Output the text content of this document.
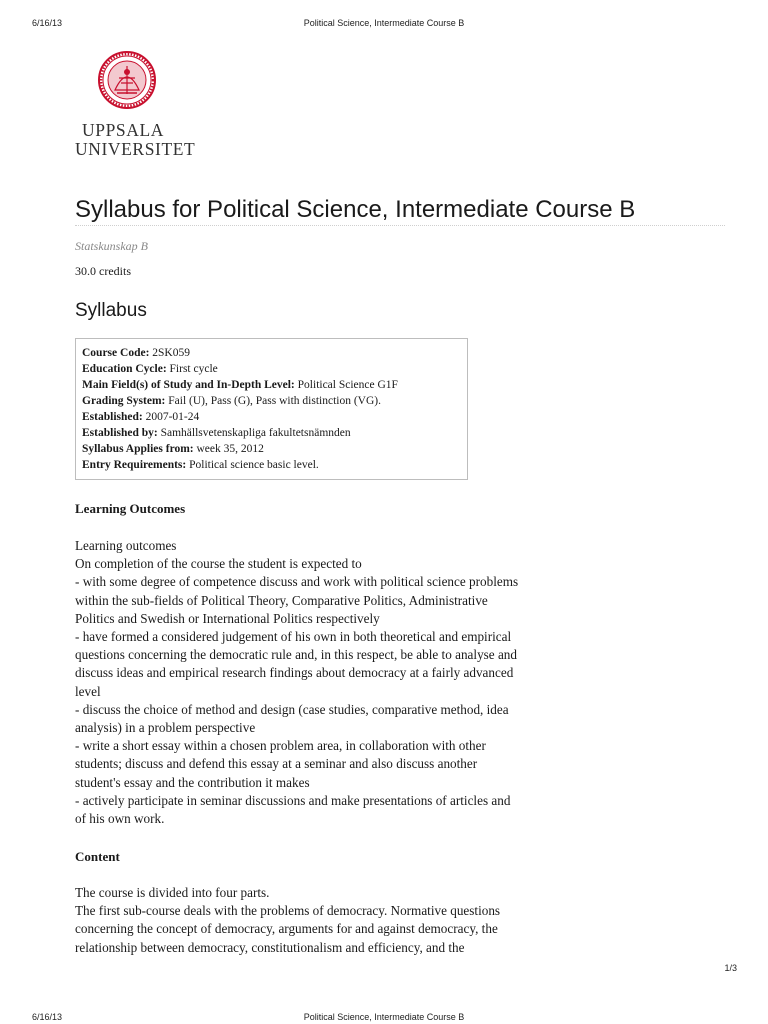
6/16/13	Political Science, Intermediate Course B
UPPSALA
UNIVERSITET
Syllabus for Political Science, Intermediate Course B
Statskunskap B
30.0 credits
Syllabus
Course Code: 2SK059
Education Cycle: First cycle
Main Field(s) of Study and In-Depth Level: Political Science G1F
Grading System: Fail (U), Pass (G), Pass with distinction (VG).
Established: 2007-01-24
Established by: Samhällsvetenskapliga fakultetsnämnden
Syllabus Applies from: week 35, 2012
Entry Requirements: Political science basic level.
Learning Outcomes
Learning outcomes
On completion of the course the student is expected to
- with some degree of competence discuss and work with political science problems
within the sub-fields of Political Theory, Comparative Politics, Administrative
Politics and Swedish or International Politics respectively
- have formed a considered judgement of his own in both theoretical and empirical
questions concerning the democratic rule and, in this respect, be able to analyse and
discuss ideas and empirical research findings about democracy at a fairly advanced
level
- discuss the choice of method and design (case studies, comparative method, idea
analysis) in a problem perspective
- write a short essay within a chosen problem area, in collaboration with other
students; discuss and defend this essay at a seminar and also discuss another
student's essay and the contribution it makes
- actively participate in seminar discussions and make presentations of articles and
of his own work.
Content
The course is divided into four parts.
The first sub-course deals with the problems of democracy. Normative questions
concerning the concept of democracy, arguments for and against democracy, the
relationship between democracy, constitutionalism and efficiency, and the
1/3
6/16/13	Political Science, Intermediate Course B
